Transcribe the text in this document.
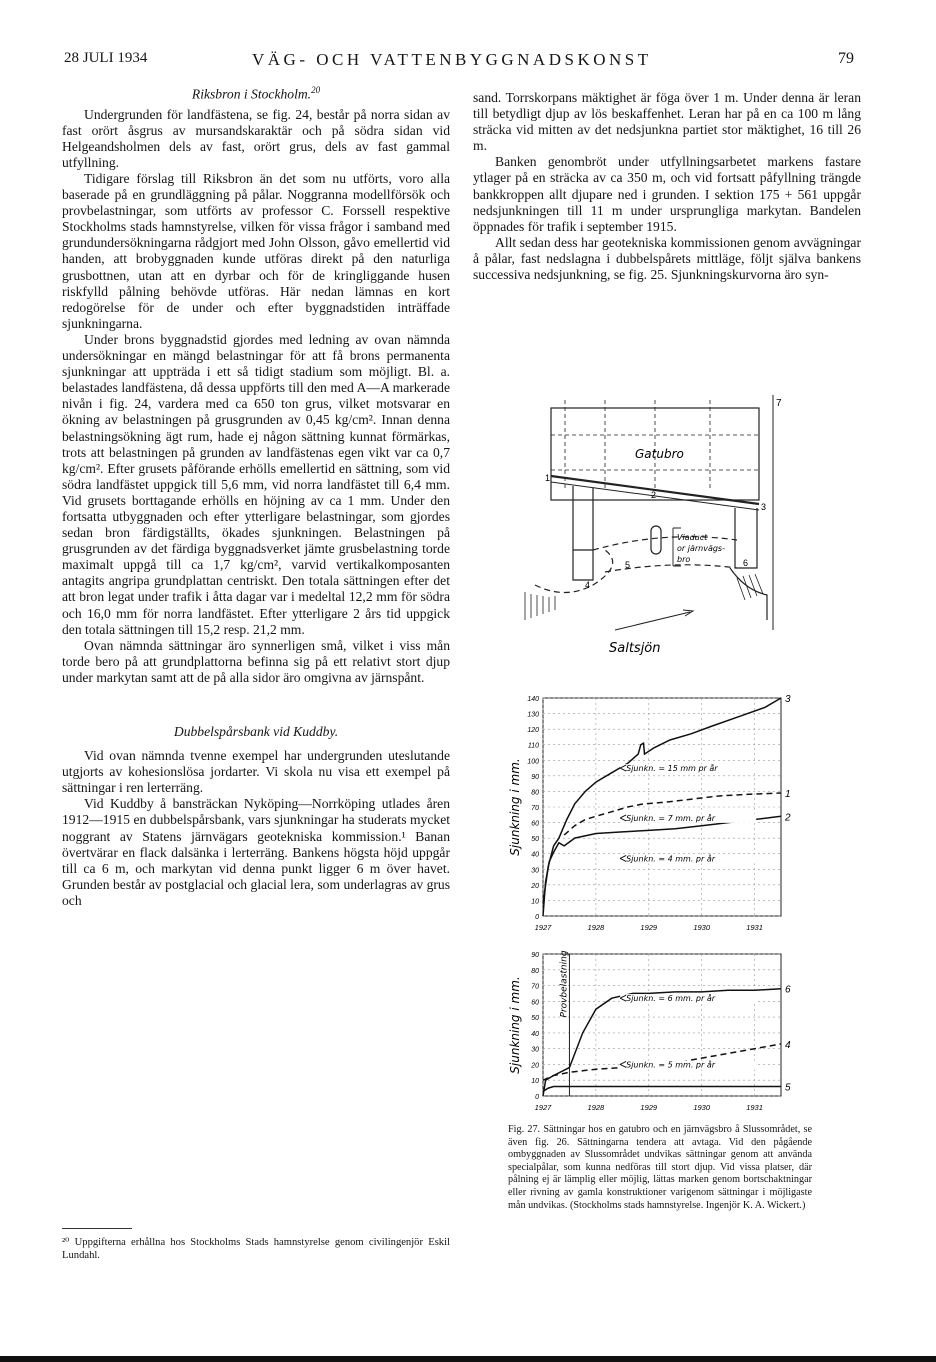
28 JULI 1934	VÄG- OCH VATTENBYGGNADSKONST	79
Riksbron i Stockholm.$^{20}$

Undergrunden för landfästena, se fig. 24, består på norra sidan av fast orört åsgrus av mursandskaraktär och på södra sidan vid Helgeandsholmen dels av fast, orört grus, dels av fast gammal utfyllning.

Tidigare förslag till Riksbron än det som nu utförts, voro alla baserade på en grundläggning på pålar. Noggranna modellförsök och provbelastningar, som utförts av professor C. Forssell respektive Stockholms stads hamnstyrelse, vilken för vissa frågor i samband med grundundersökningarna rådgjort med John Olsson, gåvo emellertid vid handen, att brobyggnaden kunde utföras direkt på den naturliga grusbottnen, utan att en dyrbar och för de kringliggande husen riskfylld pålning behövde utföras. Här nedan lämnas en kort redogörelse för de under och efter byggnadstiden inträffade sjunkningarna.

Under brons byggnadstid gjordes med ledning av ovan nämnda undersökningar en mängd belastningar för att få brons permanenta sjunkningar att uppträda i ett så tidigt stadium som möjligt. Bl. a. belastades landfästena, då dessa uppförts till den med A—A markerade nivån i fig. 24, vardera med ca 650 ton grus, vilket motsvarar en ökning av belastningen på grusgrunden av 0,45 kg/cm². Innan denna belastningsökning ägt rum, hade ej någon sättning kunnat förmärkas, trots att belastningen på grunden av landfästenas egen vikt var ca 0,7 kg/cm². Efter grusets påförande erhölls emellertid en sättning, som vid södra landfästet uppgick till 5,6 mm, vid norra landfästet till 6,4 mm. Vid grusets borttagande erhölls en höjning av ca 1 mm. Under den fortsatta utbyggnaden och efter ytterligare belastningar, som gjordes sedan bron färdigställts, ökades sjunkningen. Belastningen på grusgrunden av det färdiga byggnadsverket jämte grusbelastning torde maximalt uppgå till ca 1,7 kg/cm², varvid vertikalkomposanten antagits angripa grundplattan centriskt. Den totala sättningen efter det att bron legat under trafik i åtta dagar var i medeltal 12,2 mm för södra och 16,0 mm för norra landfästet. Efter ytterligare 2 års tid uppgick den totala sättningen till 15,2 resp. 21,2 mm.

Ovan nämnda sättningar äro synnerligen små, vilket i viss mån torde bero på att grundplattorna befinna sig på ett relativt stort djup under markytan samt att de på alla sidor äro omgivna av järnspånt.

Dubbelspårsbank vid Kuddby.

Vid ovan nämnda tvenne exempel har undergrunden uteslutande utgjorts av kohesionslösa jordarter. Vi skola nu visa ett exempel på sättningar i ren lerterräng.

Vid Kuddby å bansträckan Nyköping—Norrköping utlades åren 1912—1915 en dubbelspårsbank, vars sjunkningar ha studerats mycket noggrant av Statens järnvägars geotekniska kommission.¹ Banan övertvärar en flack dalsänka i lerterräng. Bankens högsta höjd uppgår till ca 6 m, och markytan vid denna punkt ligger 6 m över havet. Grunden består av postglacial och glacial lera, som underlagras av grus och

²⁰ Uppgifterna erhållna hos Stockholms Stads hamnstyrelse genom civilingenjör Eskil Lundahl.

sand. Torrskorpans mäktighet är föga över 1 m. Under denna är leran till betydligt djup av lös beskaffenhet. Leran har på en ca 100 m lång sträcka vid mitten av det nedsjunkna partiet stor mäktighet, 16 till 26 m.

Banken genombröt under utfyllningsarbetet markens fastare ytlager på en sträcka av ca 350 m, och vid fortsatt påfyllning trängde bankkroppen allt djupare ned i grunden. I sektion 175 + 561 uppgår nedsjunkningen till 11 m under ursprungliga markytan. Bandelen öppnades för trafik i september 1915.

Allt sedan dess har geotekniska kommissionen genom avvägningar å pålar, fast nedslagna i dubbelspårets mittläge, följt själva bankens successiva nedsjunkning, se fig. 25. Sjunkningskurvorna äro syn-

Gatubro
Viaduct
or järnvägs-
bro
Saltsjön
1
2
3
4
5	6
7
0
10
20
30
40
50
60
70
80
90
100
110
120
130
140
1927	1928	1929	1930	1931
Sjunkning i mm.
3
1
2
Sjunkn. = 15 mm pr år
Sjunkn. = 7 mm. pr år
Sjunkn. = 4 mm. pr år
0
10
20
30
40
50
60
70
80
90
1927	1928	1929	1930	1931
Sjunkning i mm.	Provbelastning	6
4
5
Sjunkn. = 6 mm. pr år
Sjunkn. = 5 mm. pr år
Fig. 27. Sättningar hos en gatubro och en järnvägsbro å Slussområdet, se även fig. 26. Sättningarna tendera att avtaga. Vid den pågående ombyggnaden av Slussområdet undvikas sättningar genom att använda specialpålar, som kunna nedföras till stort djup. Vid vissa platser, där pålning ej är lämplig eller möjlig, lättas marken genom bortschaktningar eller rivning av gamla konstruktioner varigenom sättningar i möjligaste mån undvikas. (Stockholms stads hamnstyrelse. Ingenjör K. A. Wickert.)
